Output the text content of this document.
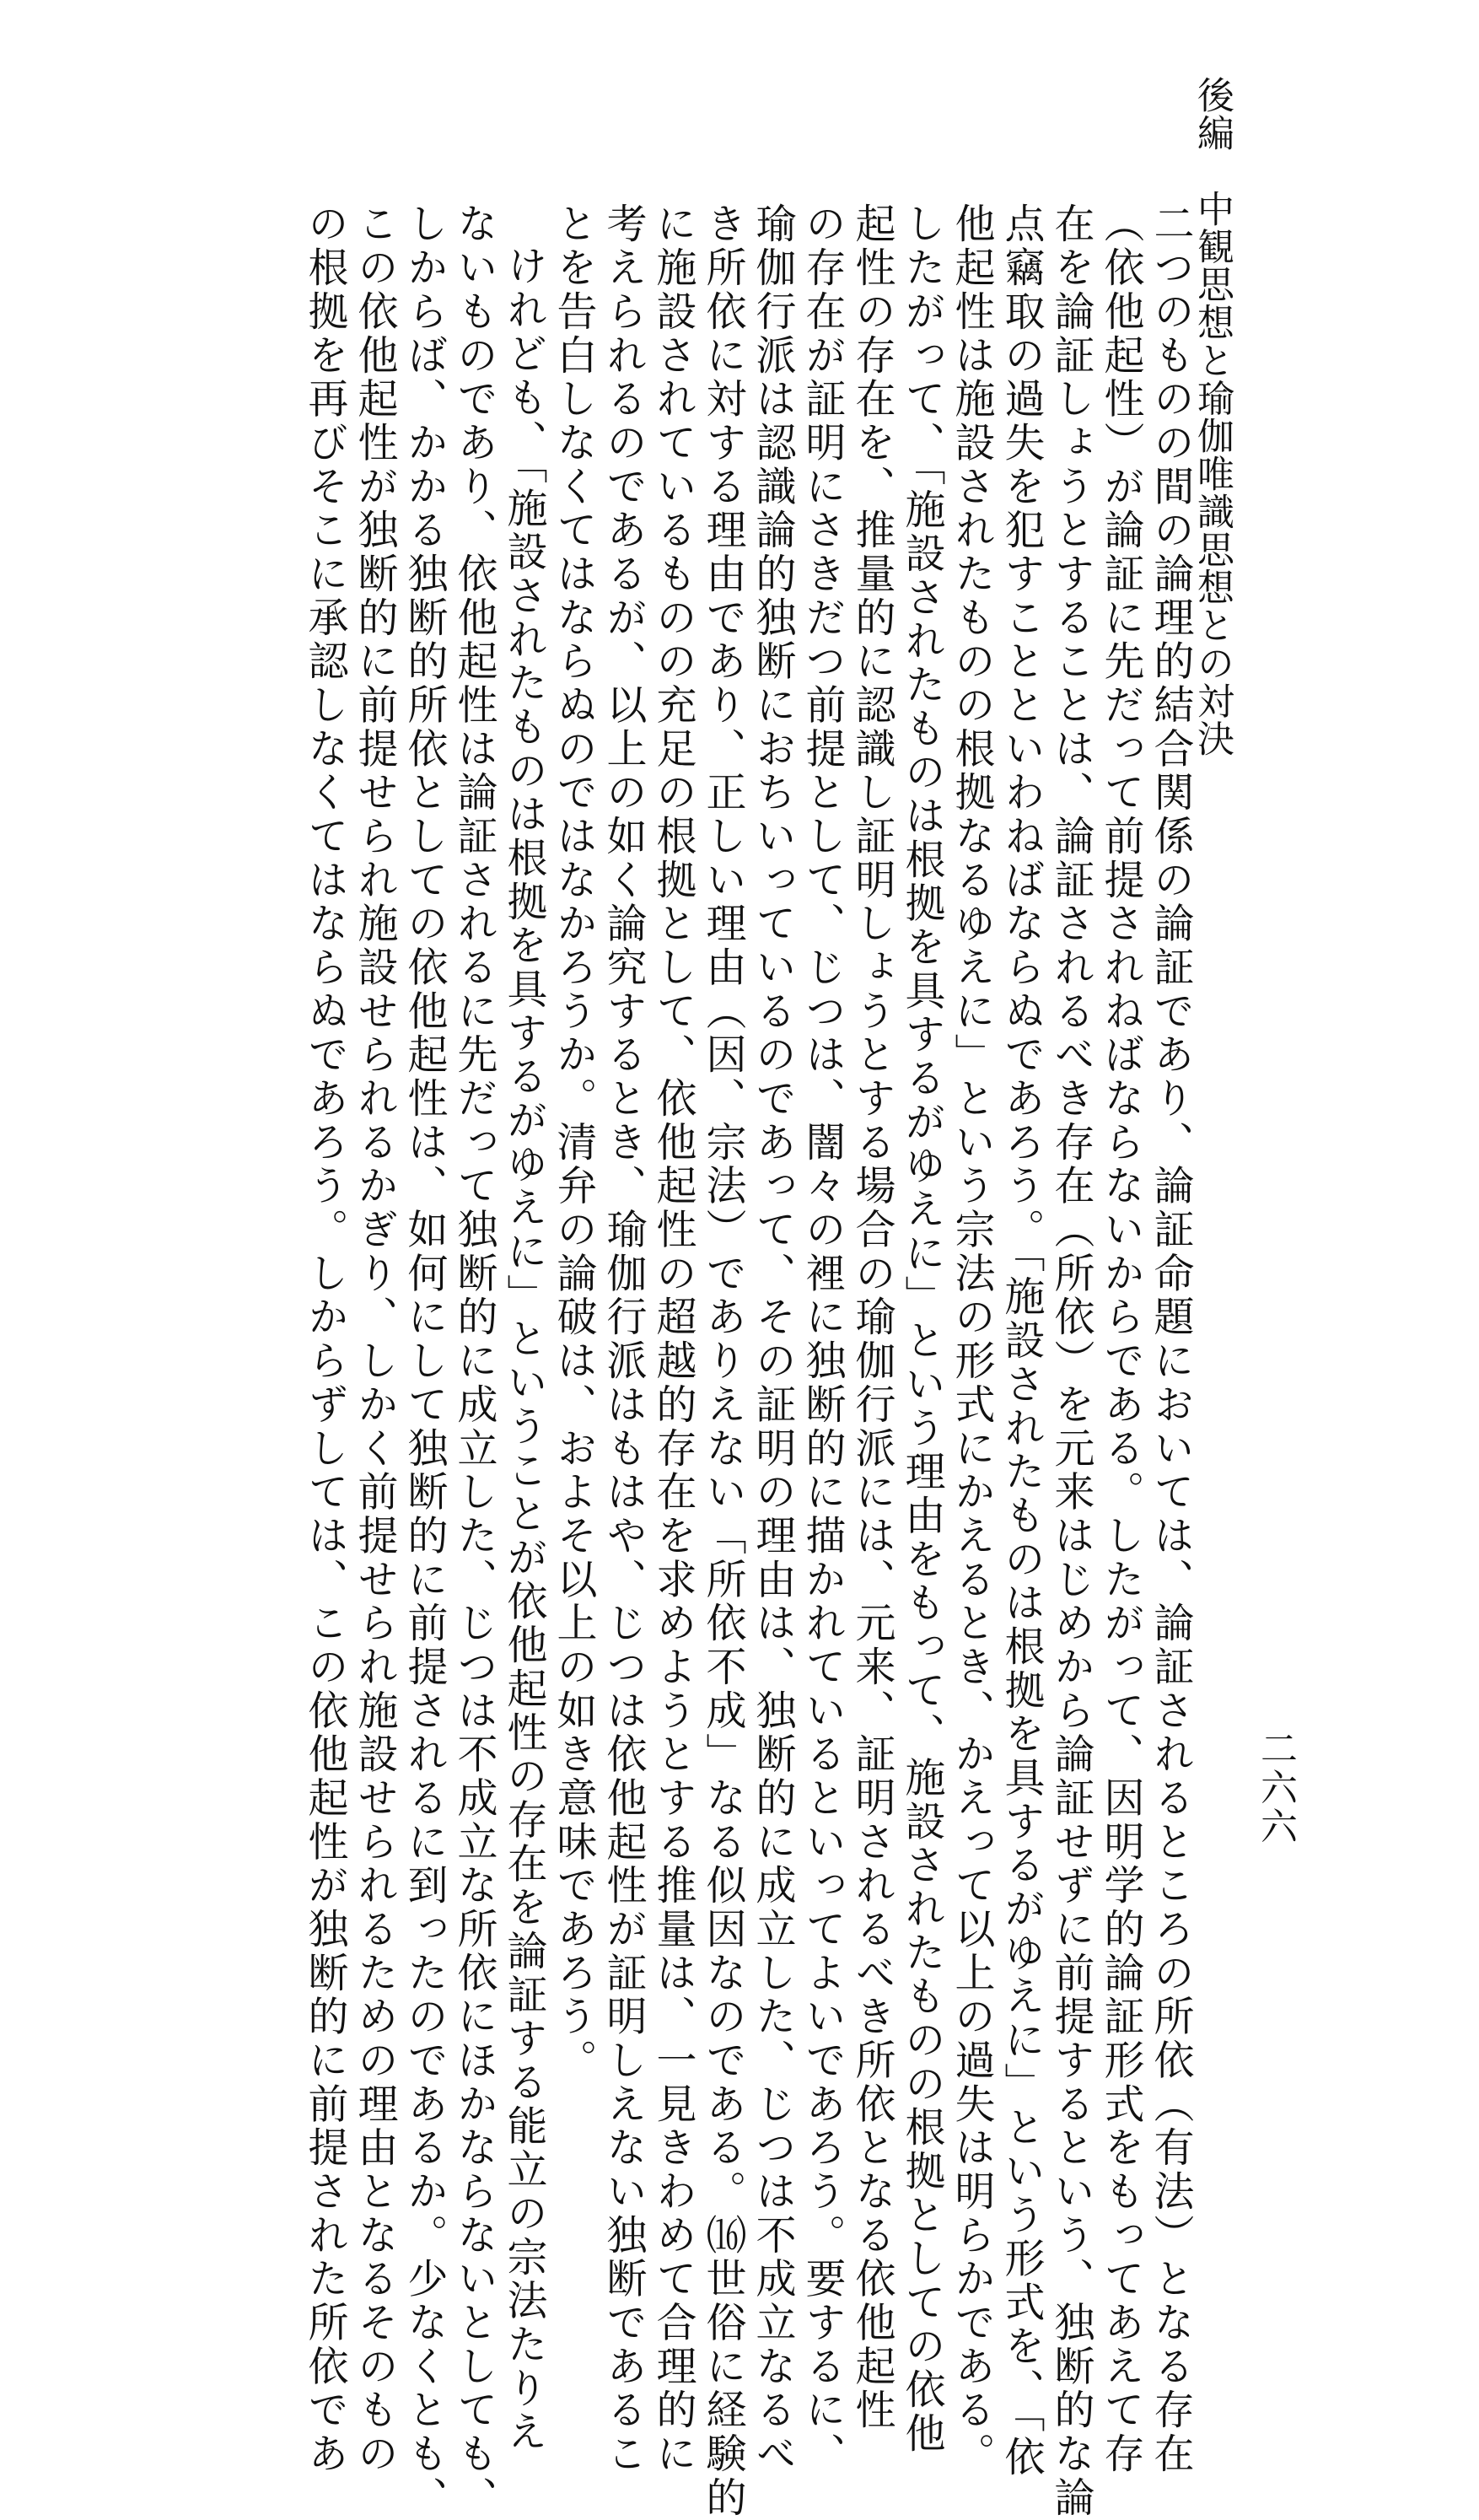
後編　中観思想と瑜伽唯識思想との対決
二六六
二つのものの間の論理的結合関係の論証であり、論証命題においては、論証されるところの所依（有法）となる存在
（依他起性）が論証に先だって前提されねばならないからである。したがって、因明学的論証形式をもってあえて存
在を論証しょうとすることは、論証されるべき存在（所依）を元来はじめから論証せずに前提するという、独断的な論
点竊取の過失を犯すことといわねばならぬであろう。「施設されたものは根拠を具するがゆえに」という形式を、「依
他起性は施設されたものの根拠なるゆえに」という宗法の形式にかえるとき、かえって以上の過失は明らかである。
したがって、「施設されたものは根拠を具するがゆえに」という理由をもって、施設されたものの根拠としての依他
起性の存在を、推量的に認識し証明しょうとする場合の瑜伽行派には、元来、証明されるべき所依となる依他起性
の存在が証明にさきだつ前提として、じつは、闇々の裡に独断的に描かれているといってよいであろう。要するに、
瑜伽行派は認識論的独断におちいっているのであって、その証明の理由は、独断的に成立した、じつは不成立なるべ
き所依に対する理由であり、正しい理由（因、宗法）でありえない「所依不成」なる似因なのである。⒃世俗に経験的
に施設されているものの充足の根拠として、依他起性の超越的存在を求めようとする推量は、一見きわめて合理的に
考えられるのであるが、以上の如く論究するとき、瑜伽行派はもはや、じつは依他起性が証明しえない独断であるこ
とを告白しなくてはならぬのではなかろうか。清弁の論破は、およそ以上の如き意味であろう。
けれども、「施設されたものは根拠を具するがゆえに」ということが依他起性の存在を論証する能立の宗法たりえ
ないものであり、依他起性は論証されるに先だって独断的に成立した、じつは不成立な所依にほかならないとしても、
しからば、かかる独断的所依としての依他起性は、如何にして独断的に前提されるに到ったのであるか。少なくとも、
この依他起性が独断的に前提せられ施設せられるかぎり、しかく前提せられ施設せられるための理由となるそのもの
の根拠を再びそこに承認しなくてはならぬであろう。しからずしては、この依他起性が独断的に前提された所依であ
